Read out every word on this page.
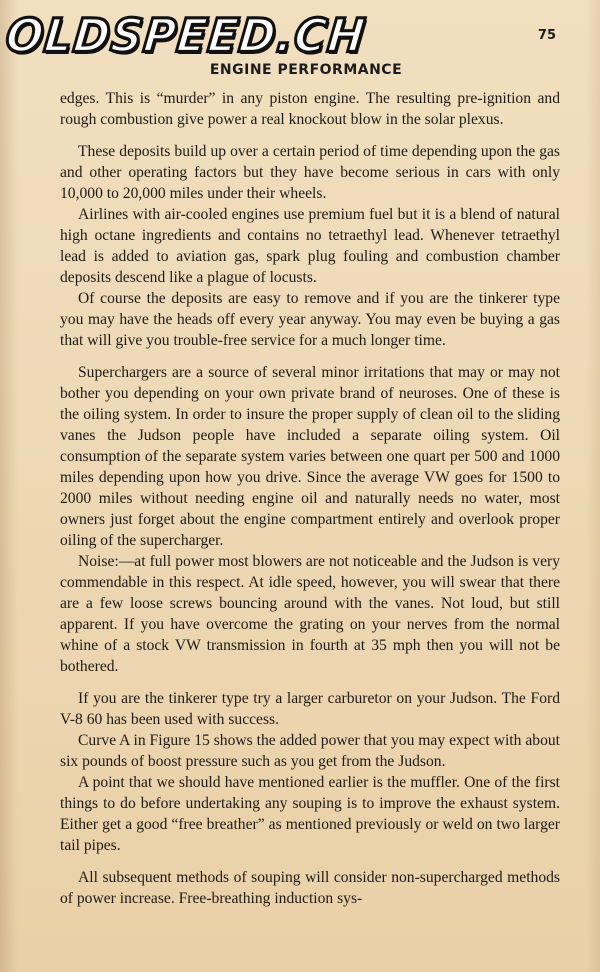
OLDSPEED.CH	75
ENGINE PERFORMANCE

edges. This is “murder” in any piston engine. The resulting pre-ignition and rough combustion give power a real knockout blow in the solar plexus.

These deposits build up over a certain period of time depending upon the gas and other operating factors but they have become serious in cars with only 10,000 to 20,000 miles under their wheels.

Airlines with air-cooled engines use premium fuel but it is a blend of natural high octane ingredients and contains no tetraethyl lead. Whenever tetraethyl lead is added to aviation gas, spark plug fouling and combustion chamber deposits descend like a plague of locusts.

Of course the deposits are easy to remove and if you are the tinkerer type you may have the heads off every year anyway. You may even be buying a gas that will give you trouble-free service for a much longer time.

Superchargers are a source of several minor irritations that may or may not bother you depending on your own private brand of neuroses. One of these is the oiling system. In order to insure the proper supply of clean oil to the sliding vanes the Judson people have included a separate oiling system. Oil consumption of the separate system varies between one quart per 500 and 1000 miles depending upon how you drive. Since the average VW goes for 1500 to 2000 miles without needing engine oil and naturally needs no water, most owners just forget about the engine compartment entirely and overlook proper oiling of the supercharger.

Noise:—at full power most blowers are not noticeable and the Judson is very commendable in this respect. At idle speed, however, you will swear that there are a few loose screws bouncing around with the vanes. Not loud, but still apparent. If you have overcome the grating on your nerves from the normal whine of a stock VW transmission in fourth at 35 mph then you will not be bothered.

If you are the tinkerer type try a larger carburetor on your Judson. The Ford V-8 60 has been used with success.

Curve A in Figure 15 shows the added power that you may expect with about six pounds of boost pressure such as you get from the Judson.

A point that we should have mentioned earlier is the muffler. One of the first things to do before undertaking any souping is to improve the exhaust system. Either get a good “free breather” as mentioned previously or weld on two larger tail pipes.

All subsequent methods of souping will consider non-supercharged methods of power increase. Free-breathing induction sys-
